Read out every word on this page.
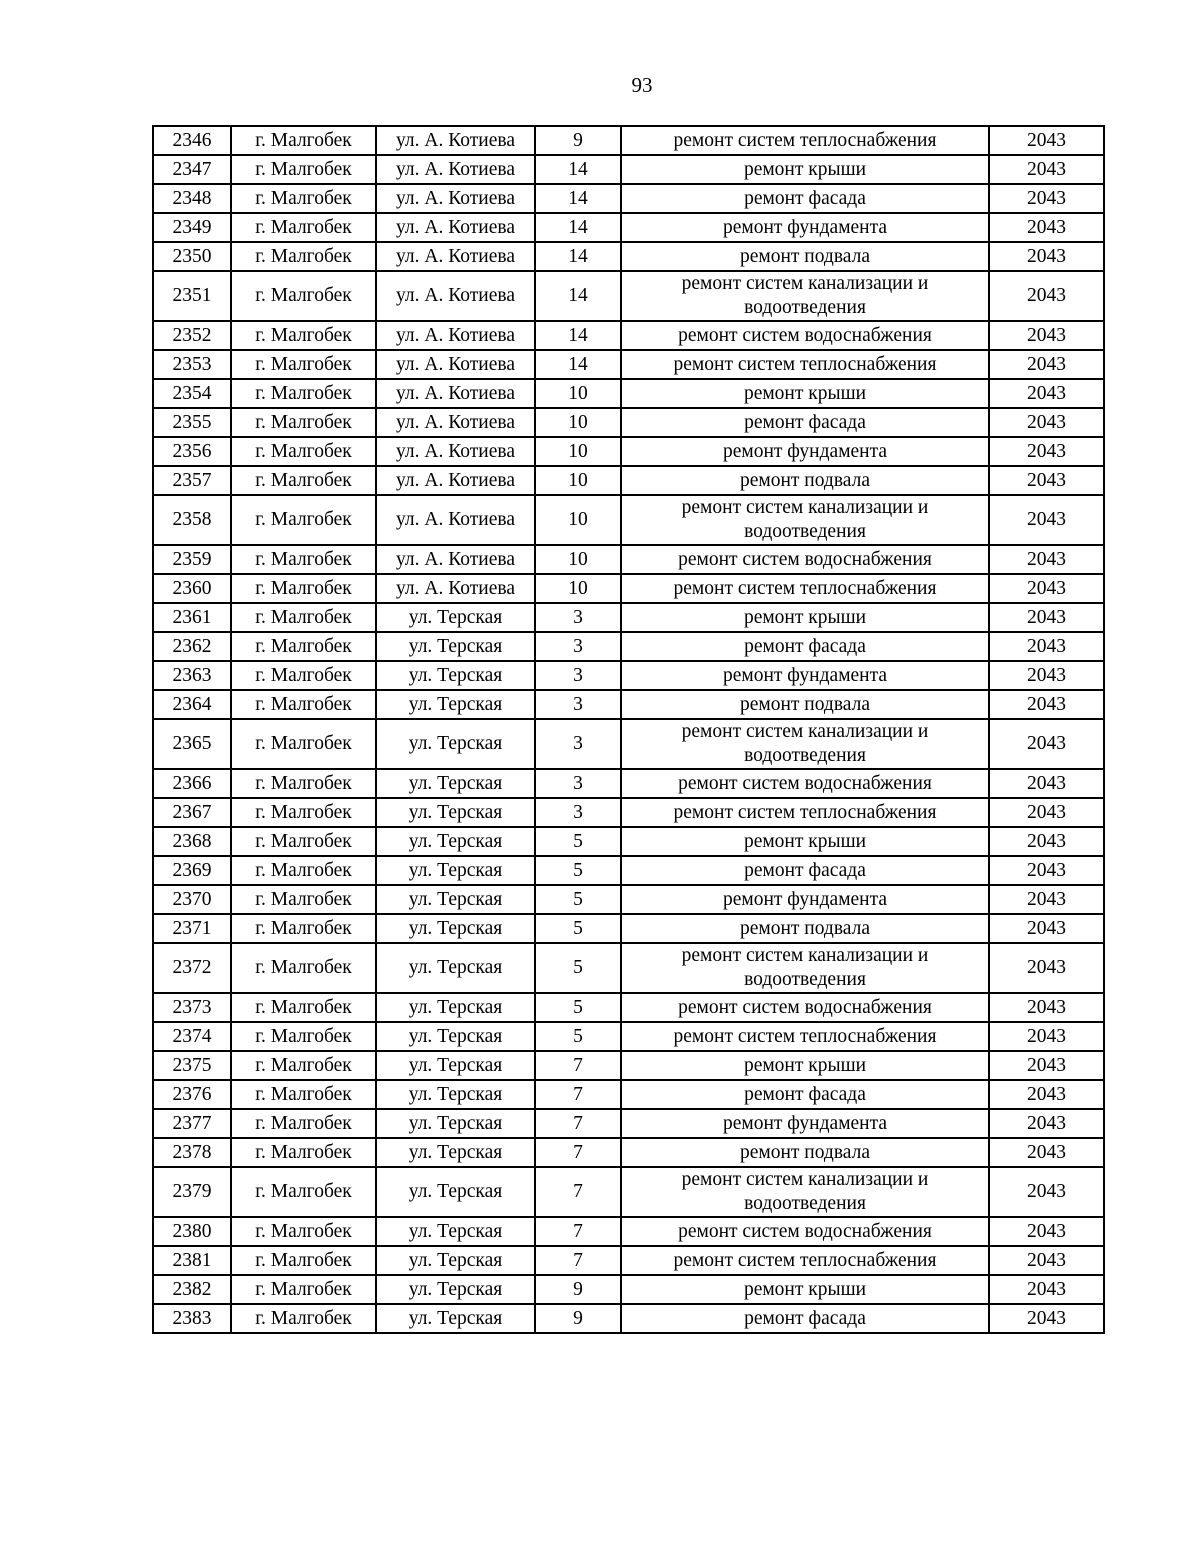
93
2346	г. Малгобек	ул. А. Котиева	9	ремонт систем теплоснабжения	2043
2347	г. Малгобек	ул. А. Котиева	14	ремонт крыши	2043
2348	г. Малгобек	ул. А. Котиева	14	ремонт фасада	2043
2349	г. Малгобек	ул. А. Котиева	14	ремонт фундамента	2043
2350	г. Малгобек	ул. А. Котиева	14	ремонт подвала	2043
2351	г. Малгобек	ул. А. Котиева	14	ремонт систем канализации и водоотведения	2043
2352	г. Малгобек	ул. А. Котиева	14	ремонт систем водоснабжения	2043
2353	г. Малгобек	ул. А. Котиева	14	ремонт систем теплоснабжения	2043
2354	г. Малгобек	ул. А. Котиева	10	ремонт крыши	2043
2355	г. Малгобек	ул. А. Котиева	10	ремонт фасада	2043
2356	г. Малгобек	ул. А. Котиева	10	ремонт фундамента	2043
2357	г. Малгобек	ул. А. Котиева	10	ремонт подвала	2043
2358	г. Малгобек	ул. А. Котиева	10	ремонт систем канализации и водоотведения	2043
2359	г. Малгобек	ул. А. Котиева	10	ремонт систем водоснабжения	2043
2360	г. Малгобек	ул. А. Котиева	10	ремонт систем теплоснабжения	2043
2361	г. Малгобек	ул. Терская	3	ремонт крыши	2043
2362	г. Малгобек	ул. Терская	3	ремонт фасада	2043
2363	г. Малгобек	ул. Терская	3	ремонт фундамента	2043
2364	г. Малгобек	ул. Терская	3	ремонт подвала	2043
2365	г. Малгобек	ул. Терская	3	ремонт систем канализации и водоотведения	2043
2366	г. Малгобек	ул. Терская	3	ремонт систем водоснабжения	2043
2367	г. Малгобек	ул. Терская	3	ремонт систем теплоснабжения	2043
2368	г. Малгобек	ул. Терская	5	ремонт крыши	2043
2369	г. Малгобек	ул. Терская	5	ремонт фасада	2043
2370	г. Малгобек	ул. Терская	5	ремонт фундамента	2043
2371	г. Малгобек	ул. Терская	5	ремонт подвала	2043
2372	г. Малгобек	ул. Терская	5	ремонт систем канализации и водоотведения	2043
2373	г. Малгобек	ул. Терская	5	ремонт систем водоснабжения	2043
2374	г. Малгобек	ул. Терская	5	ремонт систем теплоснабжения	2043
2375	г. Малгобек	ул. Терская	7	ремонт крыши	2043
2376	г. Малгобек	ул. Терская	7	ремонт фасада	2043
2377	г. Малгобек	ул. Терская	7	ремонт фундамента	2043
2378	г. Малгобек	ул. Терская	7	ремонт подвала	2043
2379	г. Малгобек	ул. Терская	7	ремонт систем канализации и водоотведения	2043
2380	г. Малгобек	ул. Терская	7	ремонт систем водоснабжения	2043
2381	г. Малгобек	ул. Терская	7	ремонт систем теплоснабжения	2043
2382	г. Малгобек	ул. Терская	9	ремонт крыши	2043
2383	г. Малгобек	ул. Терская	9	ремонт фасада	2043
